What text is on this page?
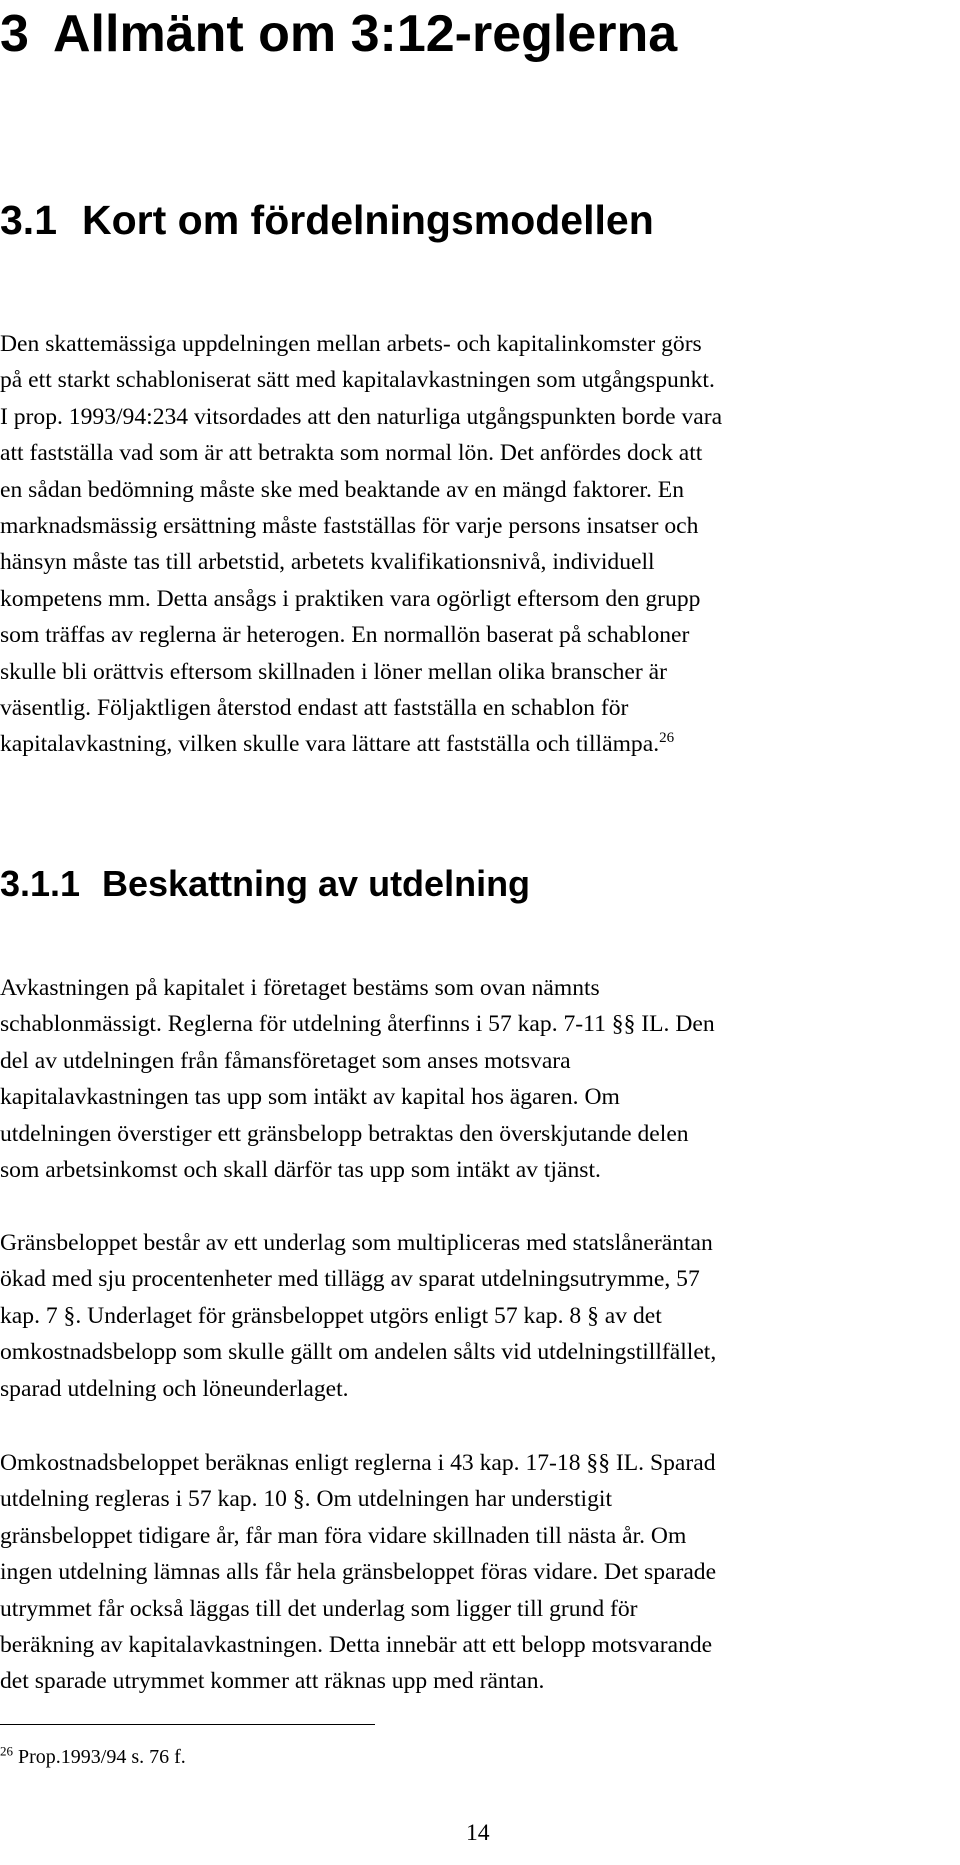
3 Allmänt om 3:12-reglerna
3.1 Kort om fördelningsmodellen
Den skattemässiga uppdelningen mellan arbets- och kapitalinkomster görs
på ett starkt schabloniserat sätt med kapitalavkastningen som utgångspunkt.
I prop. 1993/94:234 vitsordades att den naturliga utgångspunkten borde vara
att fastställa vad som är att betrakta som normal lön. Det anfördes dock att
en sådan bedömning måste ske med beaktande av en mängd faktorer. En
marknadsmässig ersättning måste fastställas för varje persons insatser och
hänsyn måste tas till arbetstid, arbetets kvalifikationsnivå, individuell
kompetens mm. Detta ansågs i praktiken vara ogörligt eftersom den grupp
som träffas av reglerna är heterogen. En normallön baserat på schabloner
skulle bli orättvis eftersom skillnaden i löner mellan olika branscher är
väsentlig. Följaktligen återstod endast att fastställa en schablon för
kapitalavkastning, vilken skulle vara lättare att fastställa och tillämpa.$^{26}$
3.1.1 Beskattning av utdelning
Avkastningen på kapitalet i företaget bestäms som ovan nämnts
schablonmässigt. Reglerna för utdelning återfinns i 57 kap. 7-11 §§ IL. Den
del av utdelningen från fåmansföretaget som anses motsvara
kapitalavkastningen tas upp som intäkt av kapital hos ägaren. Om
utdelningen överstiger ett gränsbelopp betraktas den överskjutande delen
som arbetsinkomst och skall därför tas upp som intäkt av tjänst.
Gränsbeloppet består av ett underlag som multipliceras med statslåneräntan
ökad med sju procentenheter med tillägg av sparat utdelningsutrymme, 57
kap. 7 §. Underlaget för gränsbeloppet utgörs enligt 57 kap. 8 § av det
omkostnadsbelopp som skulle gällt om andelen sålts vid utdelningstillfället,
sparad utdelning och löneunderlaget.
Omkostnadsbeloppet beräknas enligt reglerna i 43 kap. 17-18 §§ IL. Sparad
utdelning regleras i 57 kap. 10 §. Om utdelningen har understigit
gränsbeloppet tidigare år, får man föra vidare skillnaden till nästa år. Om
ingen utdelning lämnas alls får hela gränsbeloppet föras vidare. Det sparade
utrymmet får också läggas till det underlag som ligger till grund för
beräkning av kapitalavkastningen. Detta innebär att ett belopp motsvarande
det sparade utrymmet kommer att räknas upp med räntan.

$^{26}$ Prop.1993/94 s. 76 f.

14
